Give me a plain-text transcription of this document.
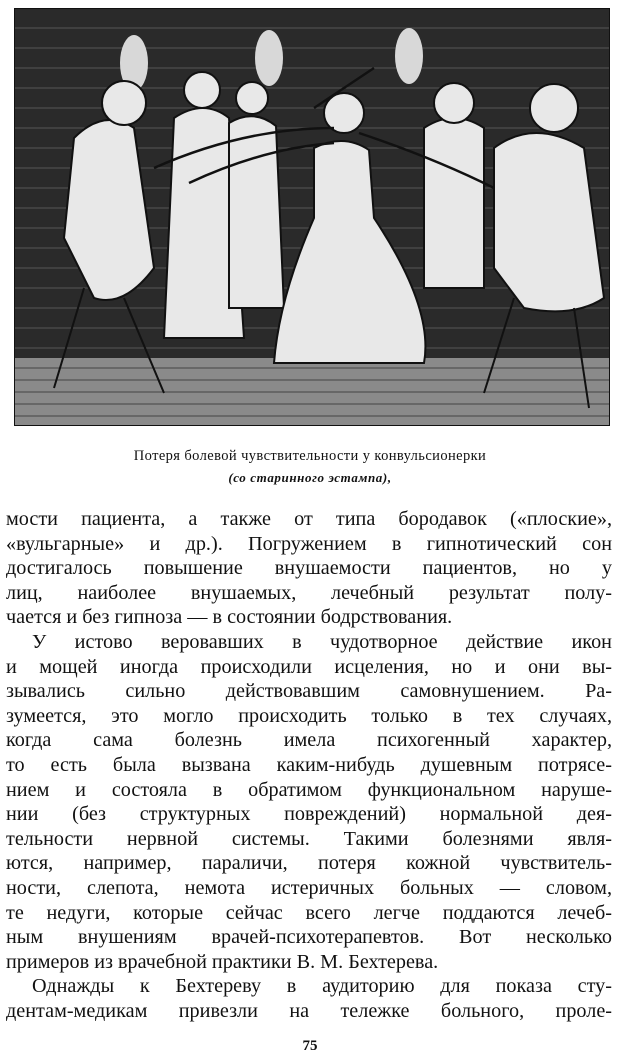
Потеря болевой чувствительности у конвульсионерки
(со старинного эстампа),
мости пациента, а также от типа бородавок («плоские»,
«вульгарные» и др.). Погружением в гипнотический сон
достигалось повышение внушаемости пациентов, но у
лиц, наиболее внушаемых, лечебный результат полу-
чается и без гипноза — в состоянии бодрствования.
У истово веровавших в чудотворное действие икон
и мощей иногда происходили исцеления, но и они вы-
зывались сильно действовавшим самовнушением. Ра-
зумеется, это могло происходить только в тех случаях,
когда сама болезнь имела психогенный характер,
то есть была вызвана каким-нибудь душевным потрясе-
нием и состояла в обратимом функциональном наруше-
нии (без структурных повреждений) нормальной дея-
тельности нервной системы. Такими болезнями явля-
ются, например, параличи, потеря кожной чувствитель-
ности, слепота, немота истеричных больных — словом,
те недуги, которые сейчас всего легче поддаются лечеб-
ным внушениям врачей-психотерапевтов. Вот несколько
примеров из врачебной практики В. М. Бехтерева.
Однажды к Бехтереву в аудиторию для показа сту-
дентам-медикам привезли на тележке больного, проле-
75
